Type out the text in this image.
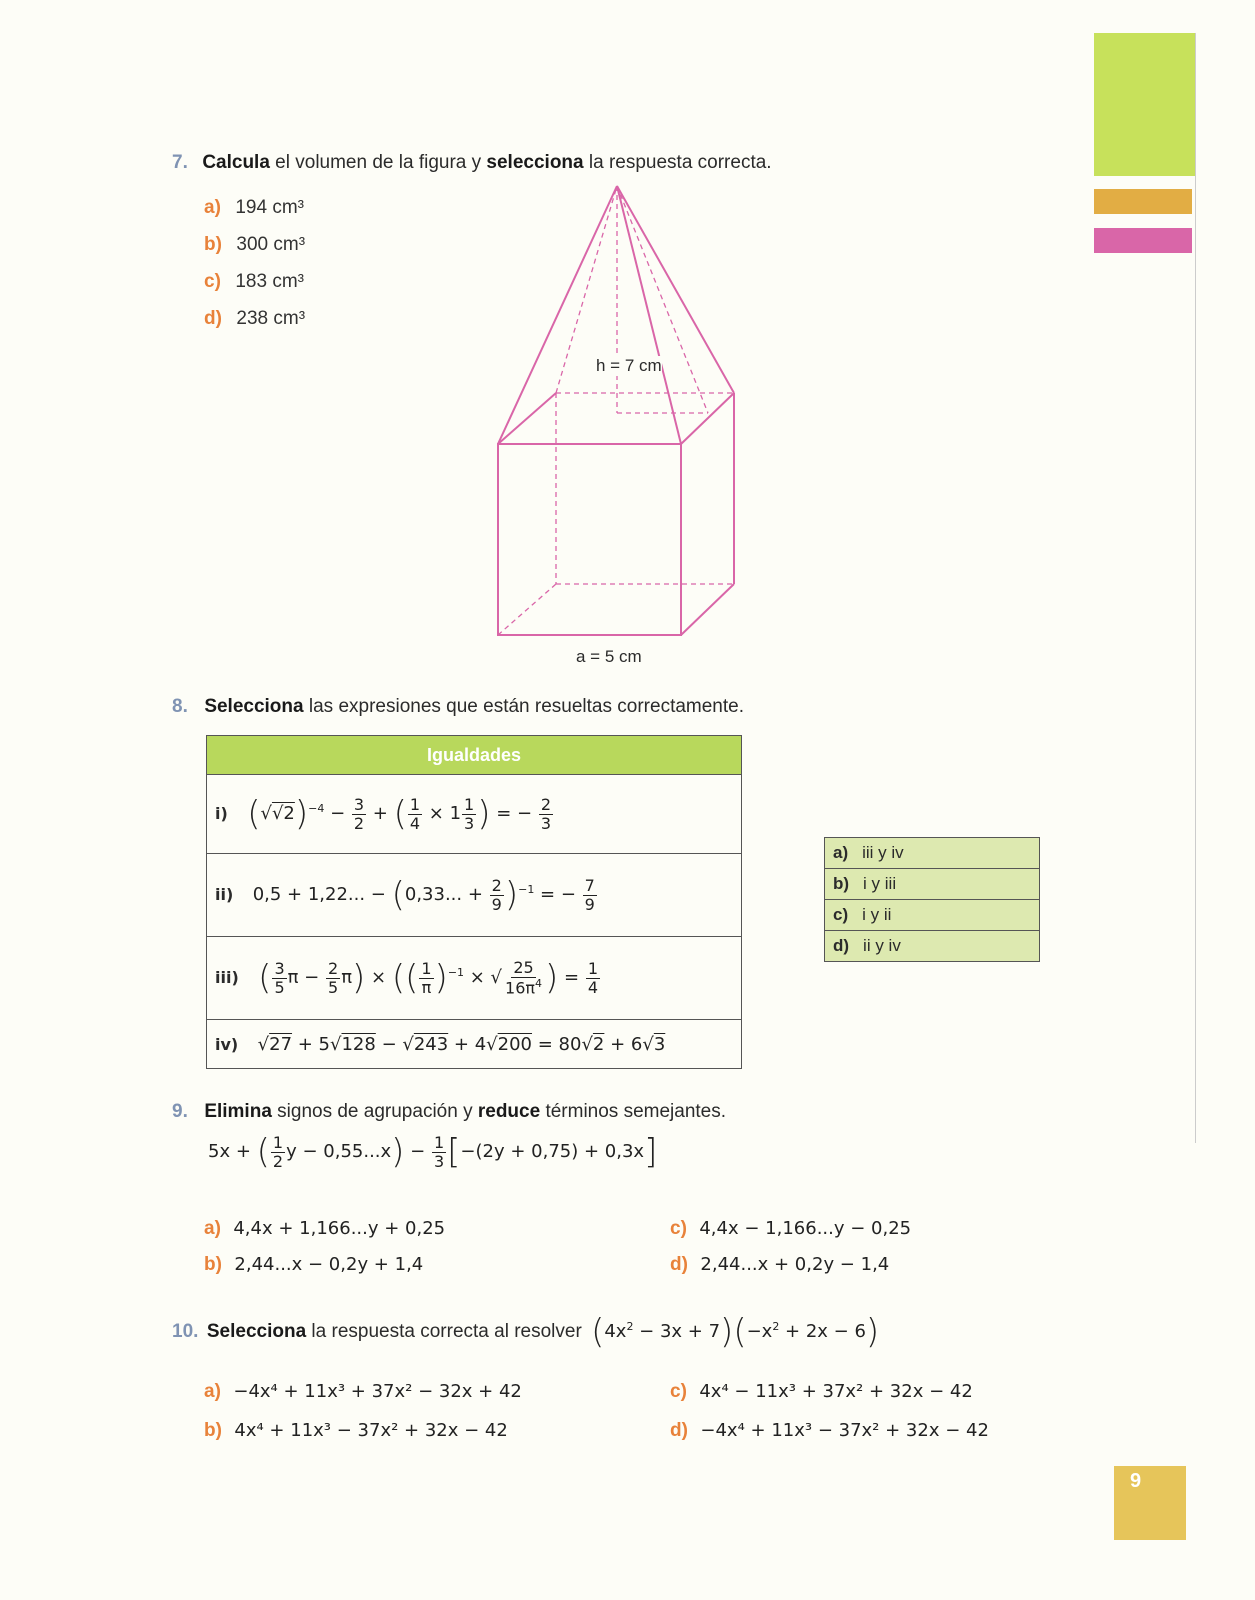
7. Calcula el volumen de la figura y selecciona la respuesta correcta.
a) 194 cm³
b) 300 cm³
c) 183 cm³
d) 238 cm³
h = 7 cm
a = 5 cm
8. Selecciona las expresiones que están resueltas correctamente.
Igualdades
i) $(√√2)^{-4} - \frac{3}{2}$ + ( $\frac{1}{4} \times 1 \frac{1}{3}$ ) = − $\frac{2}{3}$

ii) 0,5 + 1,22... − (0,33... + $\frac{2}{9} )^{-1}$ = − $\frac{7}{9}$

iii) ( $\frac{3}{5}$ $\pi - \frac{2}{5} \pi$) × (( $\frac{1}{\pi} )^{-1}$ × √ $\frac{25}{16\pi^4}$ ) = $\frac{1}{4}$

iv) √27 + 5√128 − √243 + 4√200 = 80√2 + 6√3
a) iii y iv
b) i y iii
c) i y ii
d) ii y iv
9. Elimina signos de agrupación y reduce términos semejantes.
5x + ( $\frac{1}{2}$ $y - 0,55...x) - \frac{1}{3} [-(2y + 0,75) + 0,3x]$
a) 4,4x + 1,166...y + 0,25
b) 2,44...x − 0,2y + 1,4
c) 4,4x − 1,166...y − 0,25
d) 2,44...x + 0,2y − 1,4
10. Selecciona la respuesta correcta al resolver $(4x^2 - 3x + 7)(-x^2 + 2x - 6)$
a) −4x⁴ + 11x³ + 37x² − 32x + 42
b) 4x⁴ + 11x³ − 37x² + 32x − 42
c) 4x⁴ − 11x³ + 37x² + 32x − 42
d) −4x⁴ + 11x³ − 37x² + 32x − 42
9
